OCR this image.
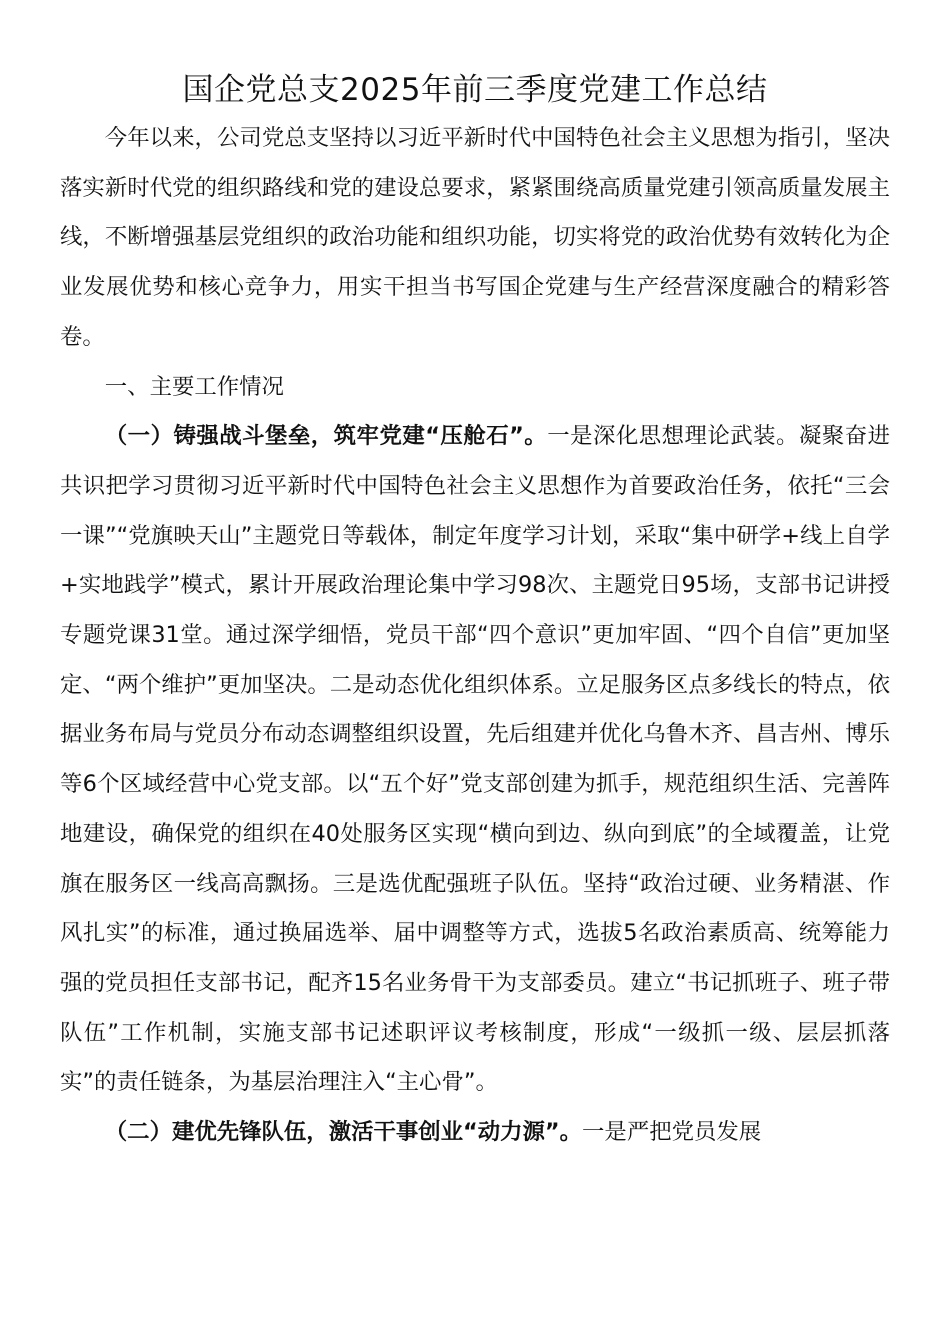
国企党总支2025年前三季度党建工作总结

今年以来，公司党总支坚持以习近平新时代中国特色社会主义思想为指引，坚决落实新时代党的组织路线和党的建设总要求，紧紧围绕高质量党建引领高质量发展主线，不断增强基层党组织的政治功能和组织功能，切实将党的政治优势有效转化为企业发展优势和核心竞争力，用实干担当书写国企党建与生产经营深度融合的精彩答卷。

一、主要工作情况

（一）铸强战斗堡垒，筑牢党建“压舱石”。一是深化思想理论武装。凝聚奋进共识把学习贯彻习近平新时代中国特色社会主义思想作为首要政治任务，依托“三会一课”“党旗映天山”主题党日等载体，制定年度学习计划，采取“集中研学+线上自学+实地践学”模式，累计开展政治理论集中学习98次、主题党日95场，支部书记讲授专题党课31堂。通过深学细悟，党员干部“四个意识”更加牢固、“四个自信”更加坚定、“两个维护”更加坚决。二是动态优化组织体系。立足服务区点多线长的特点，依据业务布局与党员分布动态调整组织设置，先后组建并优化乌鲁木齐、昌吉州、博乐等6个区域经营中心党支部。以“五个好”党支部创建为抓手，规范组织生活、完善阵地建设，确保党的组织在40处服务区实现“横向到边、纵向到底”的全域覆盖，让党旗在服务区一线高高飘扬。三是选优配强班子队伍。坚持“政治过硬、业务精湛、作风扎实”的标准，通过换届选举、届中调整等方式，选拔5名政治素质高、统筹能力强的党员担任支部书记，配齐15名业务骨干为支部委员。建立“书记抓班子、班子带队伍”工作机制，实施支部书记述职评议考核制度，形成“一级抓一级、层层抓落实”的责任链条，为基层治理注入“主心骨”。

（二）建优先锋队伍，激活干事创业“动力源”。一是严把党员发展
